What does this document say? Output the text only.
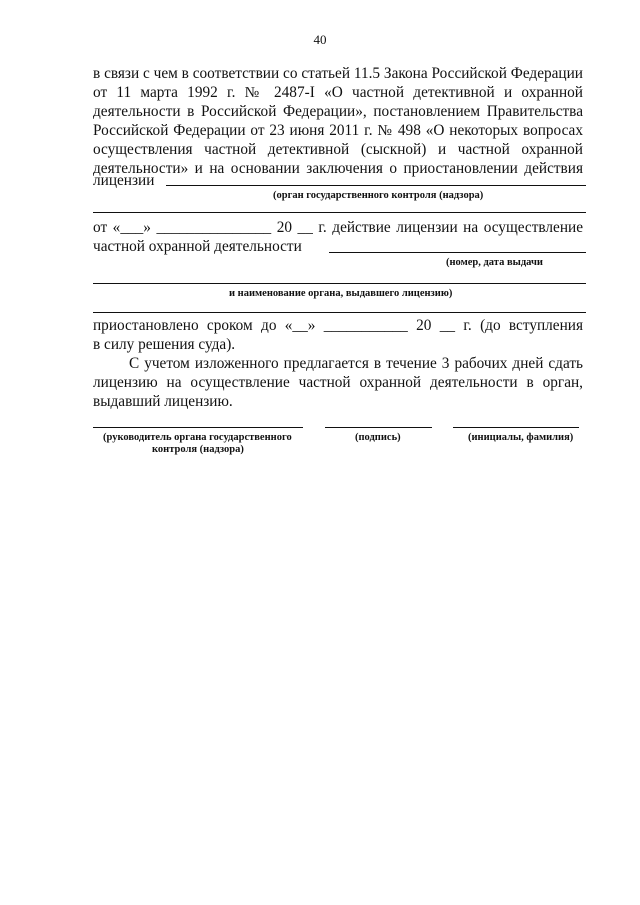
40
в связи с чем в соответствии со статьей 11.5 Закона Российской Федерации
от 11 марта 1992 г. № 2487-I «О частной детективной и охранной
деятельности в Российской Федерации», постановлением Правительства
Российской Федерации от 23 июня 2011 г. № 498 «О некоторых вопросах
осуществления частной детективной (сыскной) и частной охранной
деятельности» и на основании заключения о приостановлении действия
лицензии
(орган государственного контроля (надзора)
от «___» _______________ 20 __ г. действие лицензии на осуществление
частной охранной деятельности
(номер, дата выдачи
и наименование органа, выдавшего лицензию)
приостановлено сроком до «__» ___________ 20 __ г. (до вступления
в силу решения суда).
С учетом изложенного предлагается в течение 3 рабочих дней сдать
лицензию на осуществление частной охранной деятельности в орган,
выдавший лицензию.
(руководитель органа государственного
контроля (надзора)
(подпись)	(инициалы, фамилия)
